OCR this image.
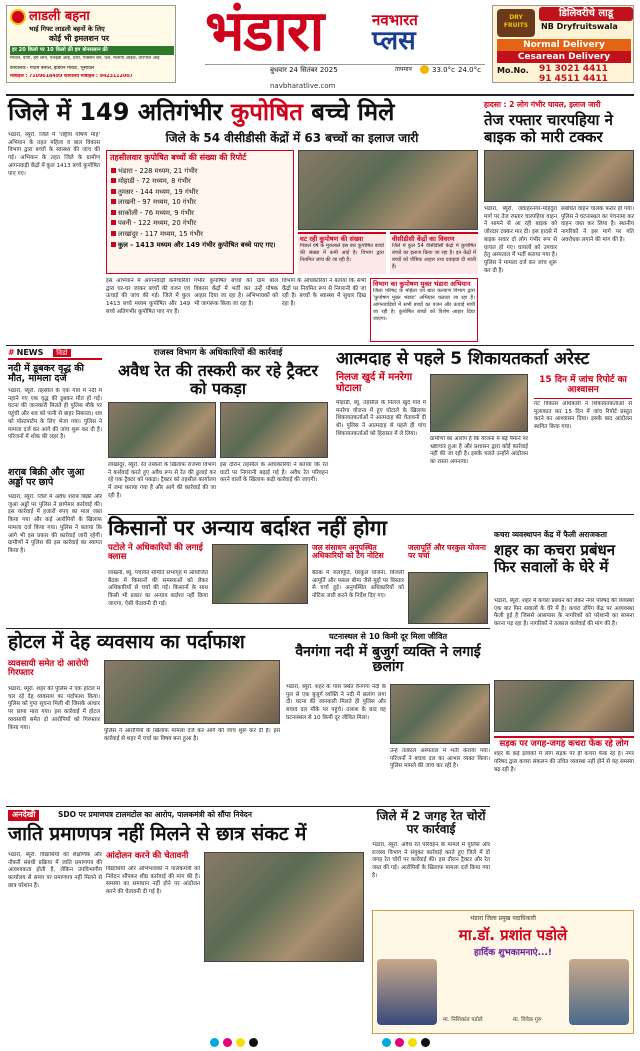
लाडली बहना
भाई गिफ्ट लाडली बहनों के लिए
कोई भी इमलशन पर
हर 20 किलो पर 10 किलो फ्री इम बोनसलान फ्री
मैथिल, वापी, हम लोन, एलईडी आई, चारी, एक्सॉन बन, थल, मलायी आइल, तारपीलै आई
कार्यालय:- गौतम बेनाल, इंडियन मार्केट, भुसावल
मोबाइल : 7109618499 कार्यालय मोबाइल : 9423112007
भंडारा	नवभारत
प्लस
बुधवार 24 सितंबर 2025	तापमान	33.0°c 24.0°c
navbharatlive.com
डिलिवरीचे लाडू
DRY FRUITS	NB Dryfruitswala
Normal Delivery
Cesarean Delivery
Mo.No. 91 3021 4411
91 4511 4411
जिले में 149 अतिगंभीर कुपोषित बच्चे मिले
भंडारा, ब्यूरो. जिले में 'राष्ट्रीय पोषण माह' अभियान के तहत महिला व बाल विकास विभाग द्वारा बच्चों के स्वास्थ्य की जांच की गई। अभियान के तहत जिले के ग्रामीण आंगनवाड़ी केंद्रों में कुल 1413 बच्चे कुपोषित पाए गए।
जिले के 54 वीसीडीसी केंद्रों में 63 बच्चों का इलाज जारी
तहसीलवार कुपोषित बच्चों की संख्या की रिपोर्ट
भंडारा - 228 मध्यम, 21 गंभीर
मोहाडी - 72 मध्यम, 8 गंभीर
तुमसर - 144 मध्यम, 19 गंभीर
लाखनी - 97 मध्यम, 10 गंभीर
साकोली - 76 मध्यम, 9 गंभीर
पवनी - 122 मध्यम, 20 गंभीर
लाखांदुर - 117 मध्यम, 15 गंभीर
कुल - 1413 मध्यम और 149 गंभीर कुपोषित बच्चे पाए गए।
घट रही कुपोषण की संख्या
पिछले वर्ष के मुकाबले इस बार कुपोषित बच्चों की संख्या में कमी आई है। विभाग द्वारा नियमित जांच की जा रही है।
वीसीडीसी केंद्रों का विवरण
जिले में कुल 54 वीसीडीसी केंद्रों में कुपोषित बच्चों का इलाज किया जा रहा है। इन केंद्रों में बच्चों को पौष्टिक आहार तथा दवाइयां दी जाती हैं।
इस अभियान में आंगनवाड़ी कर्मचारियों द्वारा घर-घर जाकर बच्चों की वजन एवं ऊंचाई की जांच की गई। जिले में कुल 1413 बच्चे मध्यम कुपोषित और 149 बच्चे अतिगंभीर कुपोषित पाए गए हैं।
गंभीर कुपोषित बच्चों को ग्राम बाल विकास केंद्रों में भर्ती कर उन्हें पोषक आहार दिया जा रहा है। अभिभावकों को भी जागरूक किया जा रहा है।
विभाग के अधिकारियों ने बताया कि सभी केंद्रों पर नियमित रूप से निगरानी की जा रही है। बच्चों के स्वास्थ्य में सुधार दिख रहा है।
विभाग का कुपोषण मुक्त भंडारा अभियान
जिला परिषद के महिला एवं बाल कल्याण विभाग द्वारा 'कुपोषण मुक्त भंडारा' अभियान चलाया जा रहा है। आंगनवाड़ियों में सभी बच्चों का वजन और ऊंचाई मापी जा रही है। कुपोषित बच्चों को विशेष आहार दिया जाएगा।
हादसा : 2 लोग गंभीर घायल, इलाज जारी
तेज रफ्तार चारपहिया ने बाइक को मारी टक्कर
भंडारा, ब्यूरो. जवाहरनगर-मोहदुरा मार्ग पर तेज रफ्तार चारपहिया वाहन ने सामने से आ रही बाइक को जोरदार टक्कर मार दी। इस हादसे में बाइक सवार दो लोग गंभीर रूप से घायल हो गए। घायलों को उपचार हेतु अस्पताल में भर्ती कराया गया है। पुलिस ने मामला दर्ज कर जांच शुरू कर दी है।
संबंधित वाहन चालक फरार हो गया। पुलिस ने घटनास्थल का पंचनामा कर वाहन जब्त कर लिया है। स्थानीय नागरिकों ने इस मार्ग पर गति अवरोधक लगाने की मांग की है।
# NEWS विडो
नदी में डूबकर वृद्ध की मौत, मामला दर्ज
भंडारा, ब्यूरो. तहसील के एक गांव में नदी में नहाने गए एक वृद्ध की डूबकर मौत हो गई। घटना की जानकारी मिलते ही पुलिस मौके पर पहुंची और शव को पानी से बाहर निकाला। शव को पोस्टमार्टम के लिए भेजा गया। पुलिस ने मामला दर्ज कर आगे की जांच शुरू कर दी है। परिजनों में शोक की लहर है।
शराब बिक्री और जुआ अड्डों पर छापे
भंडारा, ब्यूरो. जिले में अवैध शराब बिक्री और जुआ अड्डों पर पुलिस ने छापेमार कार्रवाई की। इस कार्रवाई में हजारों रुपए का माल जब्त किया गया और कई आरोपियों के खिलाफ मामला दर्ज किया गया। पुलिस ने बताया कि आगे भी इस प्रकार की कार्रवाई जारी रहेगी। ग्रामीणों ने पुलिस की इस कार्रवाई का स्वागत किया है।
राजस्व विभाग के अधिकारियों की कार्रवाई
अवैध रेत की तस्करी कर रहे ट्रैक्टर को पकड़ा
लाखांदुर, ब्यूरो. रेत तस्करों के खिलाफ राजस्व विभाग ने कार्रवाई करते हुए अवैध रूप से रेत की ढुलाई कर रहे एक ट्रैक्टर को पकड़ा। ट्रैक्टर को तहसील कार्यालय में जमा कराया गया है और आगे की कार्रवाई की जा रही है।
इस दौरान तहसील के अधिकारियों ने बताया कि रेत घाटों पर निगरानी बढ़ाई गई है। अवैध रेत परिवहन करने वालों के खिलाफ कड़ी कार्रवाई की जाएगी।
आत्मदाह से पहले 5 शिकायतकर्ता अरेस्ट
निलज खुर्द में मनरेगा घोटाला
मोहाडी, ब्यू. तहसील के निलज खुर्द गांव में मनरेगा योजना में हुए घोटाले के खिलाफ शिकायतकर्ताओं ने आत्मदाह की चेतावनी दी थी। पुलिस ने आत्मदाह से पहले ही पांच शिकायतकर्ताओं को हिरासत में ले लिया।
ग्रामीणों का आरोप है कि योजना में बड़े पैमाने पर भ्रष्टाचार हुआ है और प्रशासन द्वारा कोई कार्रवाई नहीं की जा रही है। इसके चलते उन्होंने आंदोलन का रास्ता अपनाया।
15 दिन में जांच रिपोर्ट का आश्वासन
गट विकास अधिकारी ने शिकायतकर्ताओं से मुलाकात कर 15 दिन में जांच रिपोर्ट प्रस्तुत करने का आश्वासन दिया। इसके बाद आंदोलन स्थगित किया गया।
किसानों पर अन्याय बर्दाश्त नहीं होगा
पटोले ने अधिकारियों की लगाई क्लास
लाखनी, ब्यू. पंचायत समिति सभागृह में आयोजित बैठक में किसानों की समस्याओं को लेकर अधिकारियों से चर्चा की गई। किसानों के साथ किसी भी प्रकार का अन्याय बर्दाश्त नहीं किया जाएगा, ऐसी चेतावनी दी गई।
जल संसाधन अनुपस्थित अधिकारियों को टैग नोटिस
बैठक में जलापूर्ति, घरकुल योजना, बिजली आपूर्ति और फसल बीमा जैसे मुद्दों पर विस्तार से चर्चा हुई। अनुपस्थित अधिकारियों को नोटिस जारी करने के निर्देश दिए गए।
जलापूर्ति और घरकुल योजना पर चर्चा
कचरा व्यवस्थापन केंद्र में फैली अराजकता
शहर का कचरा प्रबंधन फिर सवालों के घेरे में
भंडारा, ब्यूरो. शहर में कचरा प्रबंधन को लेकर नगर परिषद की व्यवस्था एक बार फिर सवालों के घेरे में है। कचरा डंपिंग केंद्र पर अव्यवस्था फैली हुई है जिससे आसपास के नागरिकों को परेशानी का सामना करना पड़ रहा है। नागरिकों ने तत्काल कार्रवाई की मांग की है।
सड़क पर जगह-जगह कचरा फेंक रहे लोग
शहर के कई इलाकों में लोग सड़क पर ही कचरा फेंक रहे हैं। नगर परिषद द्वारा कचरा संकलन की उचित व्यवस्था नहीं होने से यह समस्या बढ़ रही है।
होटल में देह व्यवसाय का पर्दाफाश
व्यवसायी समेत दो आरोपी गिरफ्तार
भंडारा, ब्यूरो. शहर की पुलिस ने एक होटल में चल रहे देह व्यवसाय का पर्दाफाश किया। पुलिस को गुप्त सूचना मिली थी जिसके आधार पर छापा मारा गया। इस कार्रवाई में होटल व्यवसायी समेत दो आरोपियों को गिरफ्तार किया गया।
पुलिस ने आरोपियों के खिलाफ मामला दर्ज कर आगे की जांच शुरू कर दी है। इस कार्रवाई से शहर में चर्चा का विषय बना हुआ है।
घटनास्थल से 10 किमी दूर मिला जीवित
वैनगंगा नदी में बुजुर्ग व्यक्ति ने लगाई छलांग
भंडारा, ब्यूरो. शहर के पास स्थित वैनगंगा नदी के पुल से एक बुजुर्ग व्यक्ति ने नदी में छलांग लगा दी। घटना की जानकारी मिलते ही पुलिस और बचाव दल मौके पर पहुंचे। तलाश के बाद वह घटनास्थल से 10 किमी दूर जीवित मिला।
उन्हें तत्काल अस्पताल में भर्ती कराया गया। परिजनों ने बचाव दल का आभार व्यक्त किया। पुलिस मामले की जांच कर रही है।
अनदेखी	SDO पर प्रमाणपत्र टालमटोल का आरोप, पालकमंत्री को सौंपा निवेदन
जाति प्रमाणपत्र नहीं मिलने से छात्र संकट में
भंडारा, ब्यूरो. विद्यार्थियों को शैक्षणिक और नौकरी संबंधी प्रक्रिया में जाति प्रमाणपत्र की आवश्यकता होती है, लेकिन उपविभागीय कार्यालय से समय पर प्रमाणपत्र नहीं मिलने से छात्र परेशान हैं।
आंदोलन करने की चेतावनी
विद्यार्थियों और अभिभावकों ने पालकमंत्री को निवेदन सौंपकर शीघ्र कार्रवाई की मांग की है। समस्या का समाधान नहीं होने पर आंदोलन करने की चेतावनी दी गई है।
जिले में 2 जगह रेत चोरों पर कार्रवाई
भंडारा, ब्यूरो. अवैध रेत परिवहन के मामले में पुलिस और राजस्व विभाग ने संयुक्त कार्रवाई करते हुए जिले में दो जगह रेत चोरों पर कार्रवाई की। इस दौरान ट्रैक्टर और रेत जब्त की गई। आरोपियों के खिलाफ मामला दर्ज किया गया है।
भंडारा जिला प्रमुख पदाधिकारी
मा.डॉ. प्रशांत पडोले
हार्दिक शुभकामनाएं...!
मा. निशिकांत पडोले	मा. विवेक गुरु
